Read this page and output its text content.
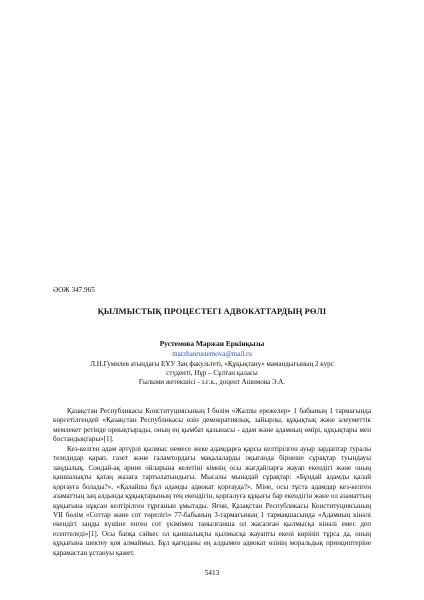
ӘОЖ 347.965
ҚЫЛМЫСТЫҚ ПРОЦЕСТЕГІ АДВОКАТТАРДЫҢ РӨЛІ
Рустемова Маржан Еркінқызы
marzhanrustemova@mail.ru
Л.Н.Гумилев атындағы ЕҰУ Заң факультеті, «Құқықтану» мамандығының 2 курс
студенті, Нұр – Сұлтан қаласы
Ғылыми жетекшісі - з.ғ.к., доцент Ашимова Э.А.

Қазақстан Республикасы Конституциясының I бөлім «Жалпы ережелер» 1 бабының 1 тармағында көрсетілгендей «Қазақстан Республикасы өзін демократиялық, зайырлы, құқықтық және әлеуметтік мемлекет ретінде орнықтырады, оның ең қымбат қазынасы - адам және адамның өмірі, құқықтары мен бостандықтары»[1].

Кез-келген адам әртүрлі қылмыс немесе жеке адамдарға қарсы келтірілген ауыр зардаптар туралы теледидар қарап, газет және ғаламтордағы мақалаларды оқығанда бірнеше сұрақтар туындауы заңдылық. Сондай-ақ әрине ойларына келетіні кімнің осы жағдайларға жауап екендігі және оның қаншалықты қатаң жазаға тартылатындығы. Мысалы мынадай сұрақтар: «Бұндай адамды қалай қорғауға болады?», «Қалайша бұл адамды адвокат қорғауда?». Міне, осы тұста адамдар кез-келген азаматтың заң алдында құқықтарының тең екендігін, қорғалуға құқығы бар екендігін және ол азаматтың құқығына нұқсан келтірілген тұрғанын ұмытады. Яғни, Қазақстан Республикасы Конституциясының VII бөлім «Соттар және сот төрелігі» 77-бабының 3-тармағының 1 тармақшасында «Адамның кінәлі екендігі заңды күшіне енген сот үкімімен танылғанша ол жасалған қылмысқа кінәлі емес деп есептеледі»[1]. Осы бапқа сәйкес ол қаншалықты қылмысқа жауапты екені көрініп тұрса да, оның құқығына шектеу қоя алмаймыз. Бұл қағиданы ең алдымен адвокат өзінің моральдық принциптеріне қарамастан ұстануы қажет.

5413
